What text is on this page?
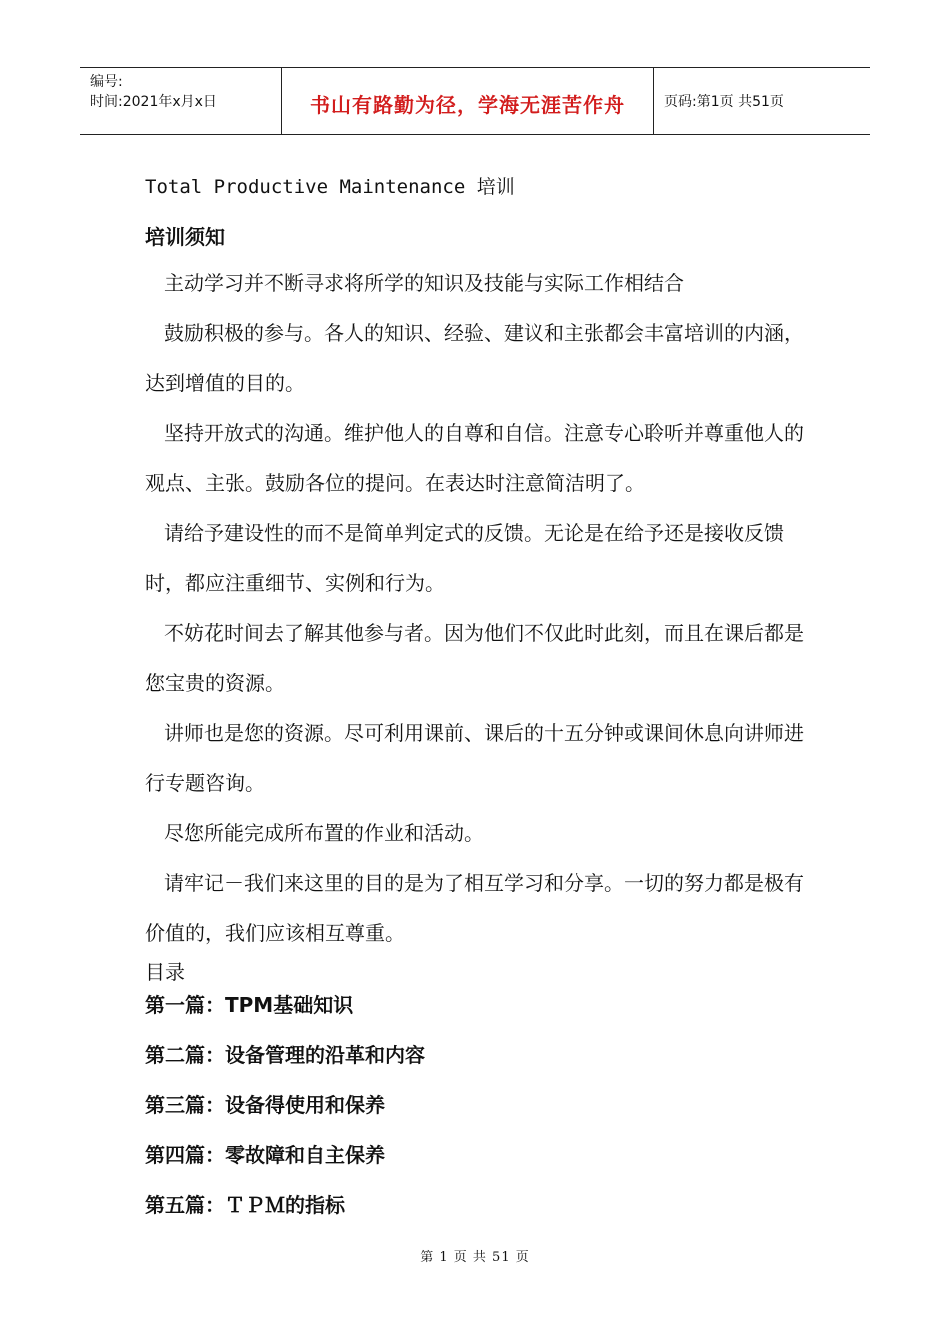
编号:
时间:2021年x月x日	书山有路勤为径，学海无涯苦作舟	页码:第1页 共51页
Total Productive Maintenance 培训
培训须知

主动学习并不断寻求将所学的知识及技能与实际工作相结合

鼓励积极的参与。各人的知识、经验、建议和主张都会丰富培训的内涵，达到增值的目的。

坚持开放式的沟通。维护他人的自尊和自信。注意专心聆听并尊重他人的观点、主张。鼓励各位的提问。在表达时注意简洁明了。

请给予建设性的而不是简单判定式的反馈。无论是在给予还是接收反馈时，都应注重细节、实例和行为。

不妨花时间去了解其他参与者。因为他们不仅此时此刻，而且在课后都是您宝贵的资源。

讲师也是您的资源。尽可利用课前、课后的十五分钟或课间休息向讲师进行专题咨询。

尽您所能完成所布置的作业和活动。

请牢记－我们来这里的目的是为了相互学习和分享。一切的努力都是极有价值的，我们应该相互尊重。

目录
第一篇：TPM基础知识
第二篇：设备管理的沿革和内容
第三篇：设备得使用和保养
第四篇：零故障和自主保养
第五篇：ＴＰＭ的指标
第 1 页 共 51 页
